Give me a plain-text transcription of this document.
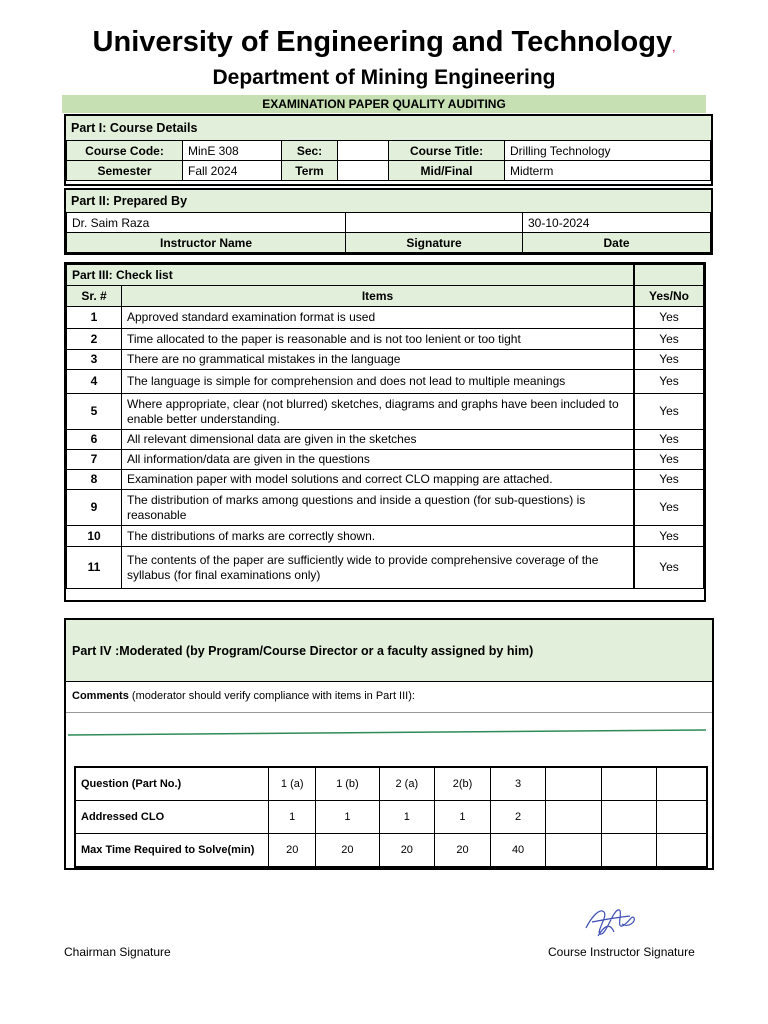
University of Engineering and Technology,
Department of Mining Engineering
EXAMINATION PAPER QUALITY AUDITING
Part I: Course Details
Course Code:	MinE 308	Sec:		Course Title:	Drilling Technology
Semester	Fall 2024	Term		Mid/Final	Midterm
Part II: Prepared By
Dr. Saim Raza		30-10-2024
Instructor Name	Signature	Date
Part III: Check list		
Sr. #	Items	Yes/No
1	Approved standard examination format is used	Yes
2	Time allocated to the paper is reasonable and is not too lenient or too tight	Yes
3	There are no grammatical mistakes in the language	Yes
4	The language is simple for comprehension and does not lead to multiple meanings	Yes
5	Where appropriate, clear (not blurred) sketches, diagrams and graphs have been included to enable better understanding.	Yes
6	All relevant dimensional data are given in the sketches	Yes
7	All information/data are given in the questions	Yes
8	Examination paper with model solutions and correct CLO mapping are attached.	Yes
9	The distribution of marks among questions and inside a question (for sub-questions) is reasonable	Yes
10	The distributions of marks are correctly shown.	Yes
11	The contents of the paper are sufficiently wide to provide comprehensive coverage of the syllabus (for final examinations only)	Yes
Part IV :Moderated (by Program/Course Director or a faculty assigned by him)
Comments (moderator should verify compliance with items in Part III):
Question (Part No.)	1 (a)	1 (b)	2 (a)	2(b)	3			
Addressed CLO	1	1	1	1	2			
Max Time Required to Solve(min)	20	20	20	20	40			
Chairman Signature	Course Instructor Signature
